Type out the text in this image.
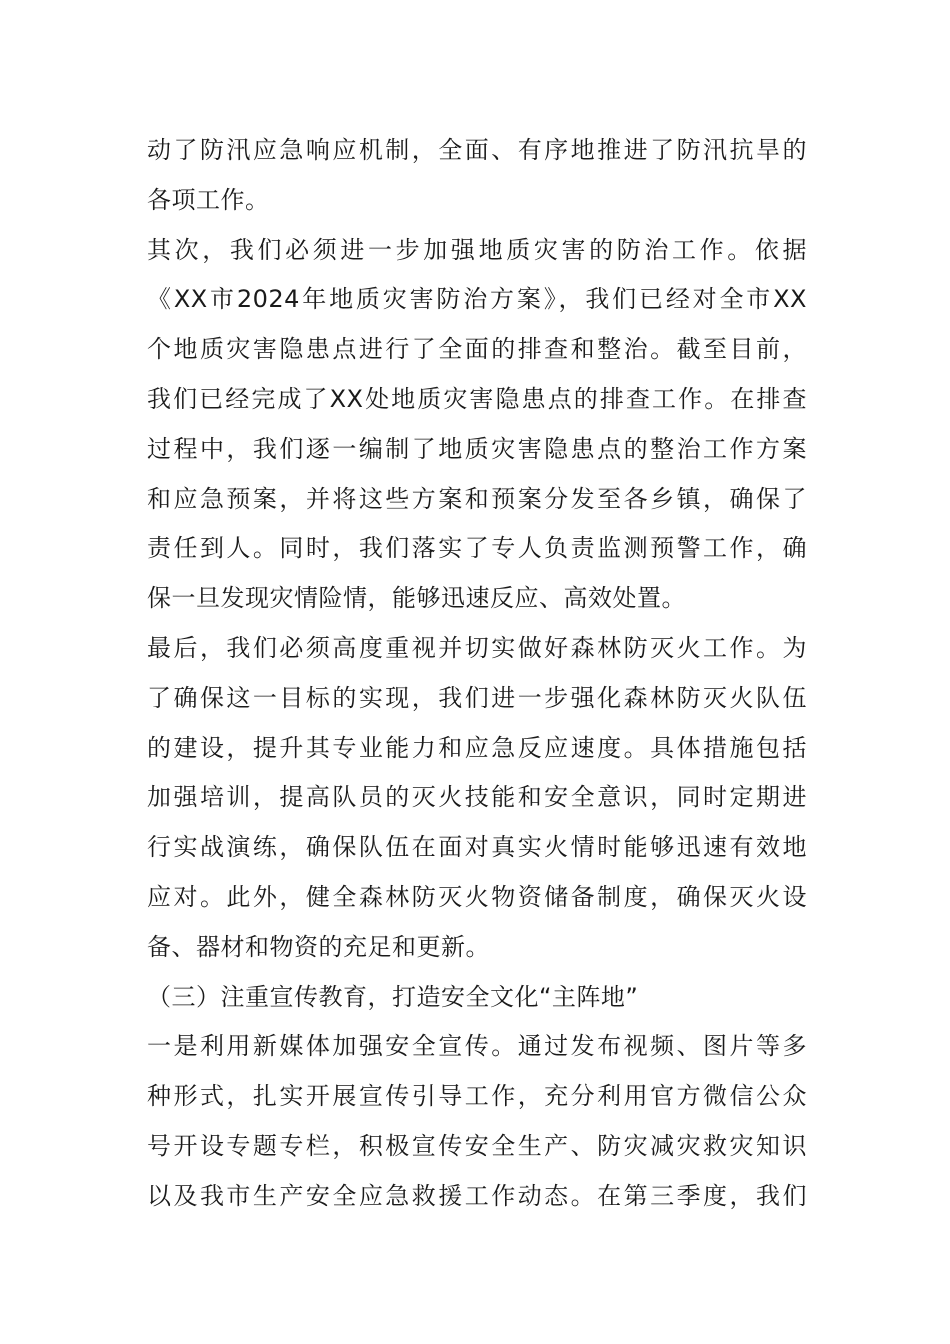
动了防汛应急响应机制，全面、有序地推进了防汛抗旱的
各项工作。
其次，我们必须进一步加强地质灾害的防治工作。依据
《XX市2024年地质灾害防治方案》，我们已经对全市XX
个地质灾害隐患点进行了全面的排查和整治。截至目前，
我们已经完成了XX处地质灾害隐患点的排查工作。在排查
过程中，我们逐一编制了地质灾害隐患点的整治工作方案
和应急预案，并将这些方案和预案分发至各乡镇，确保了
责任到人。同时，我们落实了专人负责监测预警工作，确
保一旦发现灾情险情，能够迅速反应、高效处置。
最后，我们必须高度重视并切实做好森林防灭火工作。为
了确保这一目标的实现，我们进一步强化森林防灭火队伍
的建设，提升其专业能力和应急反应速度。具体措施包括
加强培训，提高队员的灭火技能和安全意识，同时定期进
行实战演练，确保队伍在面对真实火情时能够迅速有效地
应对。此外，健全森林防灭火物资储备制度，确保灭火设
备、器材和物资的充足和更新。
（三）注重宣传教育，打造安全文化“主阵地”
一是利用新媒体加强安全宣传。通过发布视频、图片等多
种形式，扎实开展宣传引导工作，充分利用官方微信公众
号开设专题专栏，积极宣传安全生产、防灾减灾救灾知识
以及我市生产安全应急救援工作动态。在第三季度，我们
